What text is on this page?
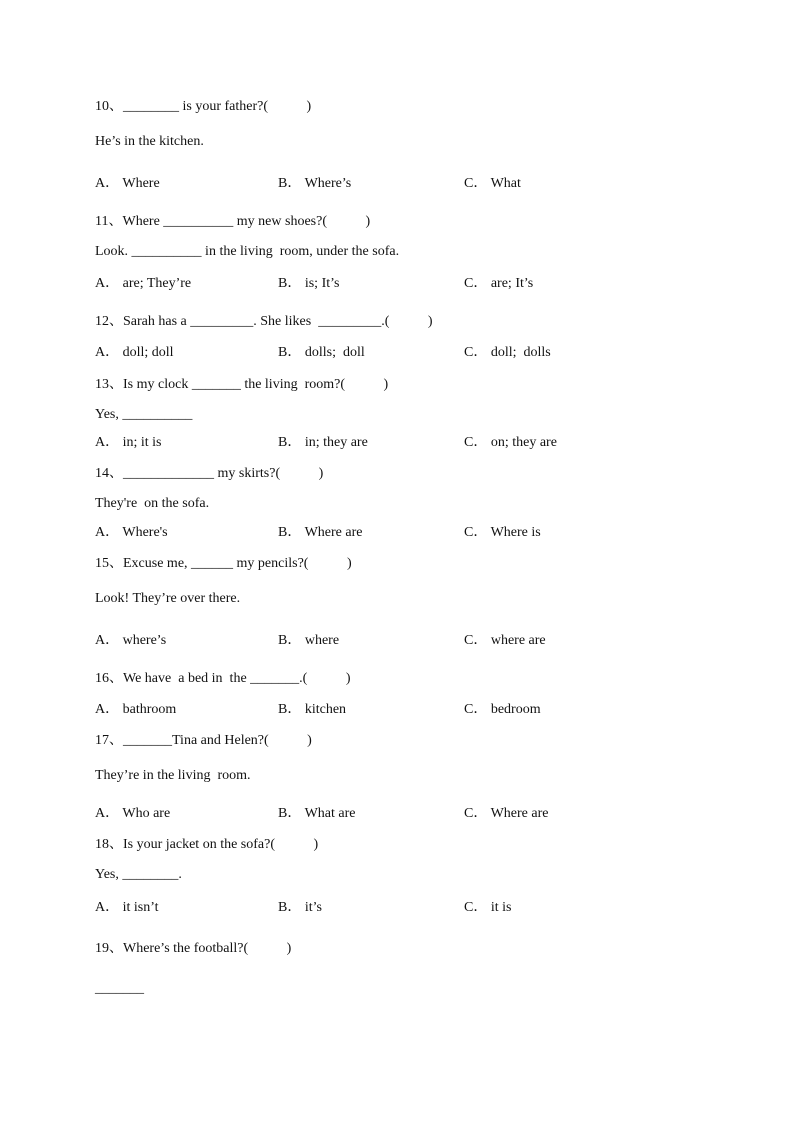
10、________ is your father?(           )
He’s in the kitchen.
A． Where	B． Where’s	C． What
11、Where __________ my new shoes?(           )
Look. __________ in the living  room, under the sofa.
A． are; They’re	B． is; It’s	C． are; It’s
12、Sarah has a _________. She likes  _________.(           )
A． doll; doll	B． dolls;  doll	C． doll;  dolls
13、Is my clock _______ the living  room?(           )
Yes, __________
A． in; it is	B． in; they are	C． on; they are
14、_____________ my skirts?(           )
They're  on the sofa.
A． Where's	B． Where are	C． Where is
15、Excuse me, ______ my pencils?(           )
Look! They’re over there.
A． where’s	B． where	C． where are
16、We have  a bed in  the _______.(           )
A． bathroom	B． kitchen	C． bedroom
17、_______Tina and Helen?(           )
They’re in the living  room.
A． Who are	B． What are	C． Where are
18、Is your jacket on the sofa?(           )
Yes, ________.
A． it isn’t	B． it’s	C． it is
19、Where’s the football?(           )
_______
